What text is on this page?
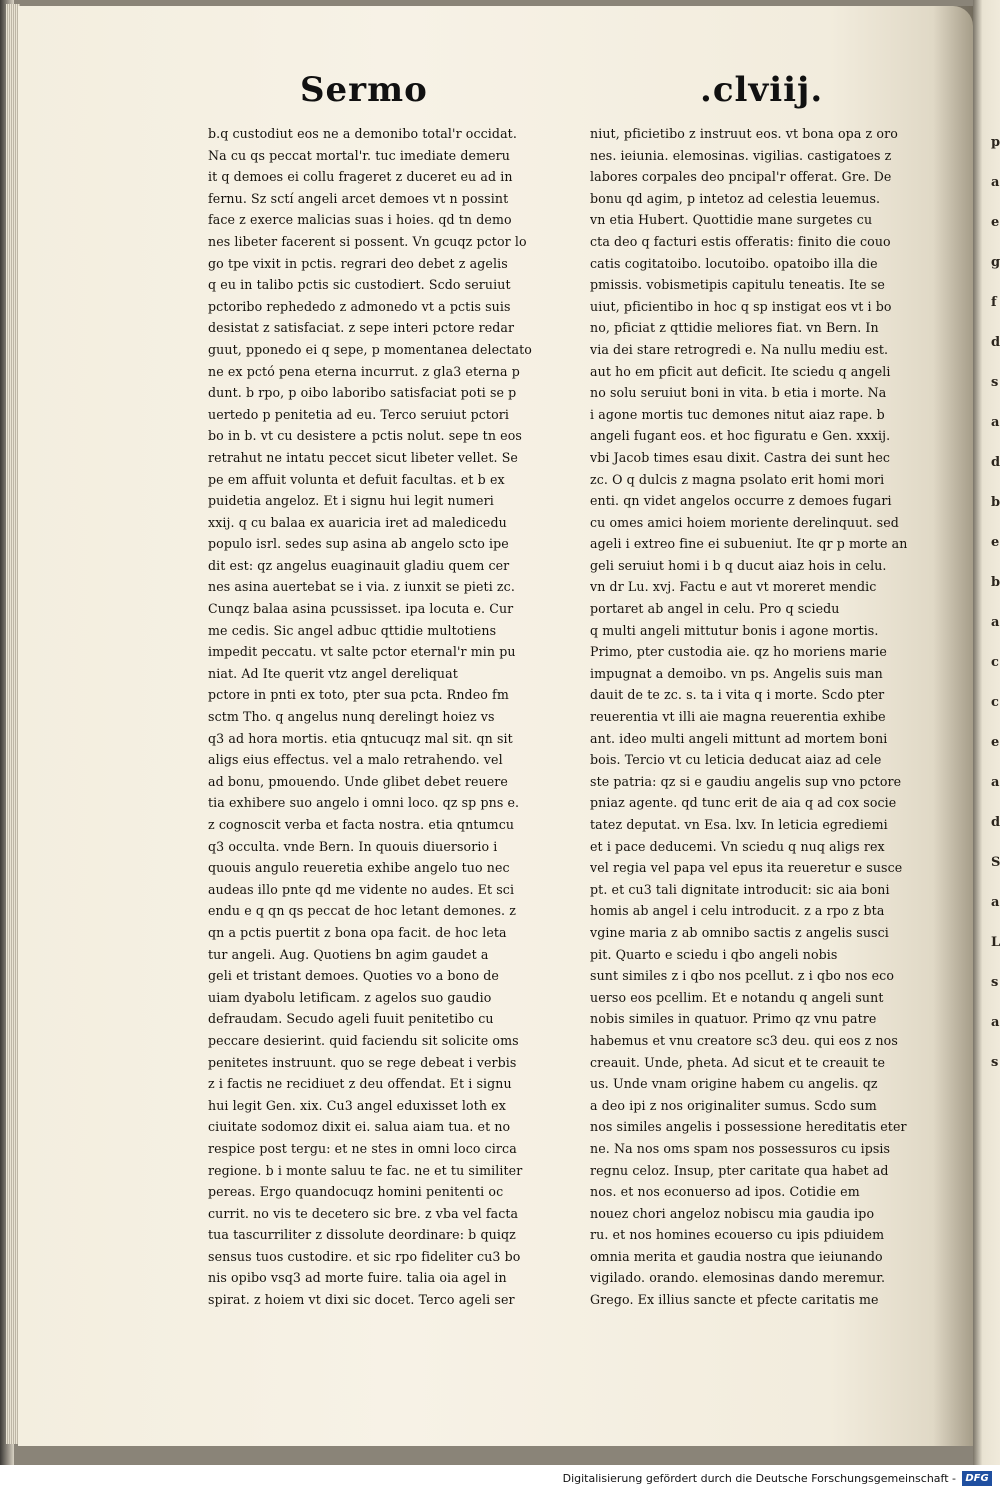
p
a
e
g
f
d
s
a
d
b
e
b
a
c
c
e
a
d
S
a
L
s
a
s
Sermo	.clviij.
b.q custodiut eos ne a demonibo total'r occidat.
Na cu qs peccat mortal'r. tuc imediate demeru
it q demoes ei collu frageret z duceret eu ad in
fernu. Sz sctí angeli arcet demoes vt n possint
face z exerce malicias suas i hoies. qd tn demo
nes libeter facerent si possent. Vn gcuqz pctor lo
go tpe vixit in pctis. regrari deo debet z agelis
q eu in talibo pctis sic custodiert. Scdo seruiut
pctoribo rephededo z admonedo vt a pctis suis
desistat z satisfaciat. z sepe interi pctore redar
guut, pponedo ei q sepe, p momentanea delectato
ne ex pctó pena eterna incurrut. z gla3 eterna p
dunt. b rpo, p oibo laboribo satisfaciat poti se p
uertedo p penitetia ad eu. Terco seruiut pctori
bo in b. vt cu desistere a pctis nolut. sepe tn eos
retrahut ne intatu peccet sicut libeter vellet. Se
pe em affuit volunta et defuit facultas. et b ex
puidetia angeloz. Et i signu hui legit numeri
xxij. q cu balaa ex auaricia iret ad maledicedu
populo isrl. sedes sup asina ab angelo scto ipe
dit est: qz angelus euaginauit gladiu quem cer
nes asina auertebat se i via. z iunxit se pieti zc.
Cunqz balaa asina pcussisset. ipa locuta e. Cur
me cedis. Sic angel adbuc qttidie multotiens
impedit peccatu. vt salte pctor eternal'r min pu
niat. Ad Ite querit vtz angel dereliquat
pctore in pnti ex toto, pter sua pcta. Rndeo fm
sctm Tho. q angelus nunq derelingt hoiez vs
q3 ad hora mortis. etia qntucuqz mal sit. qn sit
aligs eius effectus. vel a malo retrahendo. vel
ad bonu, pmouendo. Unde glibet debet reuere
tia exhibere suo angelo i omni loco. qz sp pns e.
z cognoscit verba et facta nostra. etia qntumcu
q3 occulta. vnde Bern. In quouis diuersorio i
quouis angulo reueretia exhibe angelo tuo nec
audeas illo pnte qd me vidente no audes. Et sci
endu e q qn qs peccat de hoc letant demones. z
qn a pctis puertit z bona opa facit. de hoc leta
tur angeli. Aug. Quotiens bn agim gaudet a
geli et tristant demoes. Quoties vo a bono de
uiam dyabolu letificam. z agelos suo gaudio
defraudam. Secudo ageli fuuit penitetibo cu
peccare desierint. quid faciendu sit solicite oms
penitetes instruunt. quo se rege debeat i verbis
z i factis ne recidiuet z deu offendat. Et i signu
hui legit Gen. xix. Cu3 angel eduxisset loth ex
ciuitate sodomoz dixit ei. salua aiam tua. et no
respice post tergu: et ne stes in omni loco circa
regione. b i monte saluu te fac. ne et tu similiter
pereas. Ergo quandocuqz homini penitenti oc
currit. no vis te decetero sic bre. z vba vel facta
tua tascurriliter z dissolute deordinare: b quiqz
sensus tuos custodire. et sic rpo fideliter cu3 bo
nis opibo vsq3 ad morte fuire. talia oia agel in
spirat. z hoiem vt dixi sic docet. Terco ageli ser
niut, pficietibo z instruut eos. vt bona opa z oro
nes. ieiunia. elemosinas. vigilias. castigatoes z
labores corpales deo pncipal'r offerat. Gre. De
bonu qd agim, p intetoz ad celestia leuemus.
vn etia Hubert. Quottidie mane surgetes cu
cta deo q facturi estis offeratis: finito die couo
catis cogitatoibo. locutoibo. opatoibo illa die
pmissis. vobismetipis capitulu teneatis. Ite se
uiut, pficientibo in hoc q sp instigat eos vt i bo
no, pficiat z qttidie meliores fiat. vn Bern. In
via dei stare retrogredi e. Na nullu mediu est.
aut ho em pficit aut deficit. Ite sciedu q angeli
no solu seruiut boni in vita. b etia i morte. Na
i agone mortis tuc demones nitut aiaz rape. b
angeli fugant eos. et hoc figuratu e Gen. xxxij.
vbi Jacob times esau dixit. Castra dei sunt hec
zc. O q dulcis z magna psolato erit homi mori
enti. qn videt angelos occurre z demoes fugari
cu omes amici hoiem moriente derelinquut. sed
ageli i extreo fine ei subueniut. Ite qr p morte an
geli seruiut homi i b q ducut aiaz hois in celu.
vn dr Lu. xvj. Factu e aut vt moreret mendic
portaret ab angel in celu. Pro q sciedu
q multi angeli mittutur bonis i agone mortis.
Primo, pter custodia aie. qz ho moriens marie
impugnat a demoibo. vn ps. Angelis suis man
dauit de te zc. s. ta i vita q i morte. Scdo pter
reuerentia vt illi aie magna reuerentia exhibe
ant. ideo multi angeli mittunt ad mortem boni
bois. Tercio vt cu leticia deducat aiaz ad cele
ste patria: qz si e gaudiu angelis sup vno pctore
pniaz agente. qd tunc erit de aia q ad cox socie
tatez deputat. vn Esa. lxv. In leticia egrediemi
et i pace deducemi. Vn sciedu q nuq aligs rex
vel regia vel papa vel epus ita reueretur e susce
pt. et cu3 tali dignitate introducit: sic aia boni
homis ab angel i celu introducit. z a rpo z bta
vgine maria z ab omnibo sactis z angelis susci
pit. Quarto e sciedu i qbo angeli nobis
sunt similes z i qbo nos pcellut. z i qbo nos eco
uerso eos pcellim. Et e notandu q angeli sunt
nobis similes in quatuor. Primo qz vnu patre
habemus et vnu creatore sc3 deu. qui eos z nos
creauit. Unde, pheta. Ad sicut et te creauit te
us. Unde vnam origine habem cu angelis. qz
a deo ipi z nos originaliter sumus. Scdo sum
nos similes angelis i possessione hereditatis eter
ne. Na nos oms spam nos possessuros cu ipsis
regnu celoz. Insup, pter caritate qua habet ad
nos. et nos econuerso ad ipos. Cotidie em
nouez chori angeloz nobiscu mia gaudia ipo
ru. et nos homines ecouerso cu ipis pdiuidem
omnia merita et gaudia nostra que ieiunando
vigilado. orando. elemosinas dando meremur.
Grego. Ex illius sancte et pfecte caritatis me
Digitalisierung gefördert durch die Deutsche Forschungsgemeinschaft - DFG
